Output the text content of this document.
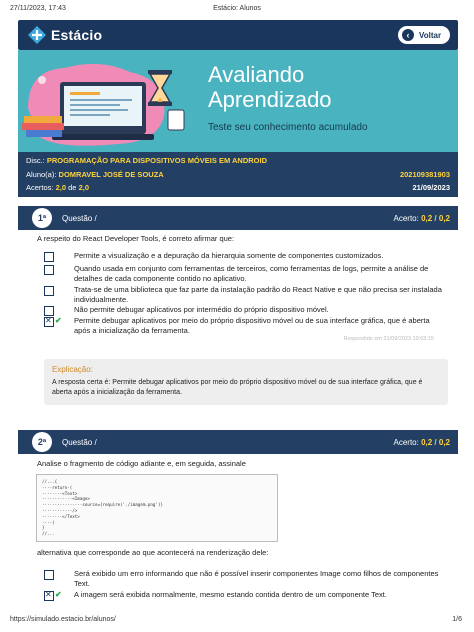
27/11/2023, 17:43	Estácio: Alunos
Estácio	‹	Voltar
Avaliando
Aprendizado
Teste seu conhecimento acumulado
Disc.: PROGRAMAÇÃO PARA DISPOSITIVOS MÓVEIS EM ANDROID
Aluno(a): DOMRAVEL JOSÉ DE SOUZA	202109381903
Acertos: 2,0 de 2,0	21/09/2023
1ª	Questão /	Acerto: 0,2 / 0,2
A respeito do React Developer Tools, é correto afirmar que:
Permite a visualização e a depuração da hierarquia somente de componentes customizados.
Quando usada em conjunto com ferramentas de terceiros, como ferramentas de logs, permite a análise de detalhes de cada componente contido no aplicativo.
Trata-se de uma biblioteca que faz parte da instalação padrão do React Native e que não precisa ser instalada individualmente.
Não permite debugar aplicativos por intermédio do próprio dispositivo móvel.
✕
✔ Permite debugar aplicativos por meio do próprio dispositivo móvel ou de sua interface gráfica, que é aberta após a inicialização da ferramenta.
Respondido em 21/09/2023 19:03:15
Explicação:
A resposta certa é: Permite debugar aplicativos por meio do próprio dispositivo móvel ou de sua interface gráfica, que é aberta após a inicialização da ferramenta.
2ª	Questão /	Acerto: 0,2 / 0,2
Analise o fragmento de código adiante e, em seguida, assinale
//...{
····return·(
········<Text>
············<Image>
················source={require('./imagem.png')}
············/>
········</Text>
····)
}
//...
alternativa que corresponde ao que acontecerá na renderização dele:
Será exibido um erro informando que não é possível inserir componentes Image como filhos de componentes Text.
✕
✔ A imagem será exibida normalmente, mesmo estando contida dentro de um componente Text.
https://simulado.estacio.br/alunos/	1/6
